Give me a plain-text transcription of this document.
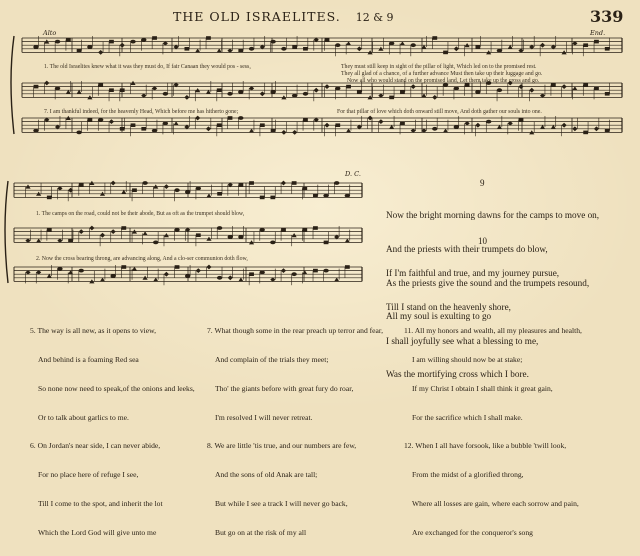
THE OLD ISRAELITES. 12 & 9	339
Alto	End.
D. C.
1. The old Israelites knew what it was they must do, If fair Canaan they would pos - sess,	They must still keep in sight of the pillar of light, Which led on to the promised rest.
They all glad of a chance, of a further advance Must then take up their luggage and go.
Now all who would stand on the promised land, Let them take up the cross and go.
7. I am thankful indeed, for the heavenly Head, Which before me has hitherto gone;	For that pillar of love which doth onward still move, And doth gather our souls into one.
1. The camps on the road, could not be their abode, But as oft as the trumpet should blow,
2. Now the cross bearing throng, are advancing along, And a clo-ser communion doth flow,
9

Now the bright morning dawns for the camps to move on,

And the priests with their trumpets do blow,

As the priests give the sound and the trumpets resound,

All my soul is exulting to go

10

If I'm faithful and true, and my journey pursue,

Till I stand on the heavenly shore,

I shall joyfully see what a blessing to me,

Was the mortifying cross which I bore.

5. The way is all new, as it opens to view,

And behind is a foaming Red sea

So none now need to speak,of the onions and leeks,

Or to talk about garlics to me.

6. On Jordan's near side, I can never abide,

For no place here of refuge I see,

Till I come to the spot, and inherit the lot

Which the Lord God will give unto me

7. What though some in the rear preach up terror and fear,

And complain of the trials they meet;

Tho' the giants before with great fury do roar,

I'm resolved I will never retreat.

8. We are little 'tis true, and our numbers are few,

And the sons of old Anak are tall;

But while I see a track I will never go back,

But go on at the risk of my all

11. All my honors and wealth, all my pleasures and health,

I am willing should now be at stake;

If my Christ I obtain I shall think it great gain,

For the sacrifice which I shall make.

12. When I all have forsook, like a bubble 'twill look,

From the midst of a glorified throng,

Where all losses are gain, where each sorrow and pain,

Are exchanged for the conqueror's song
